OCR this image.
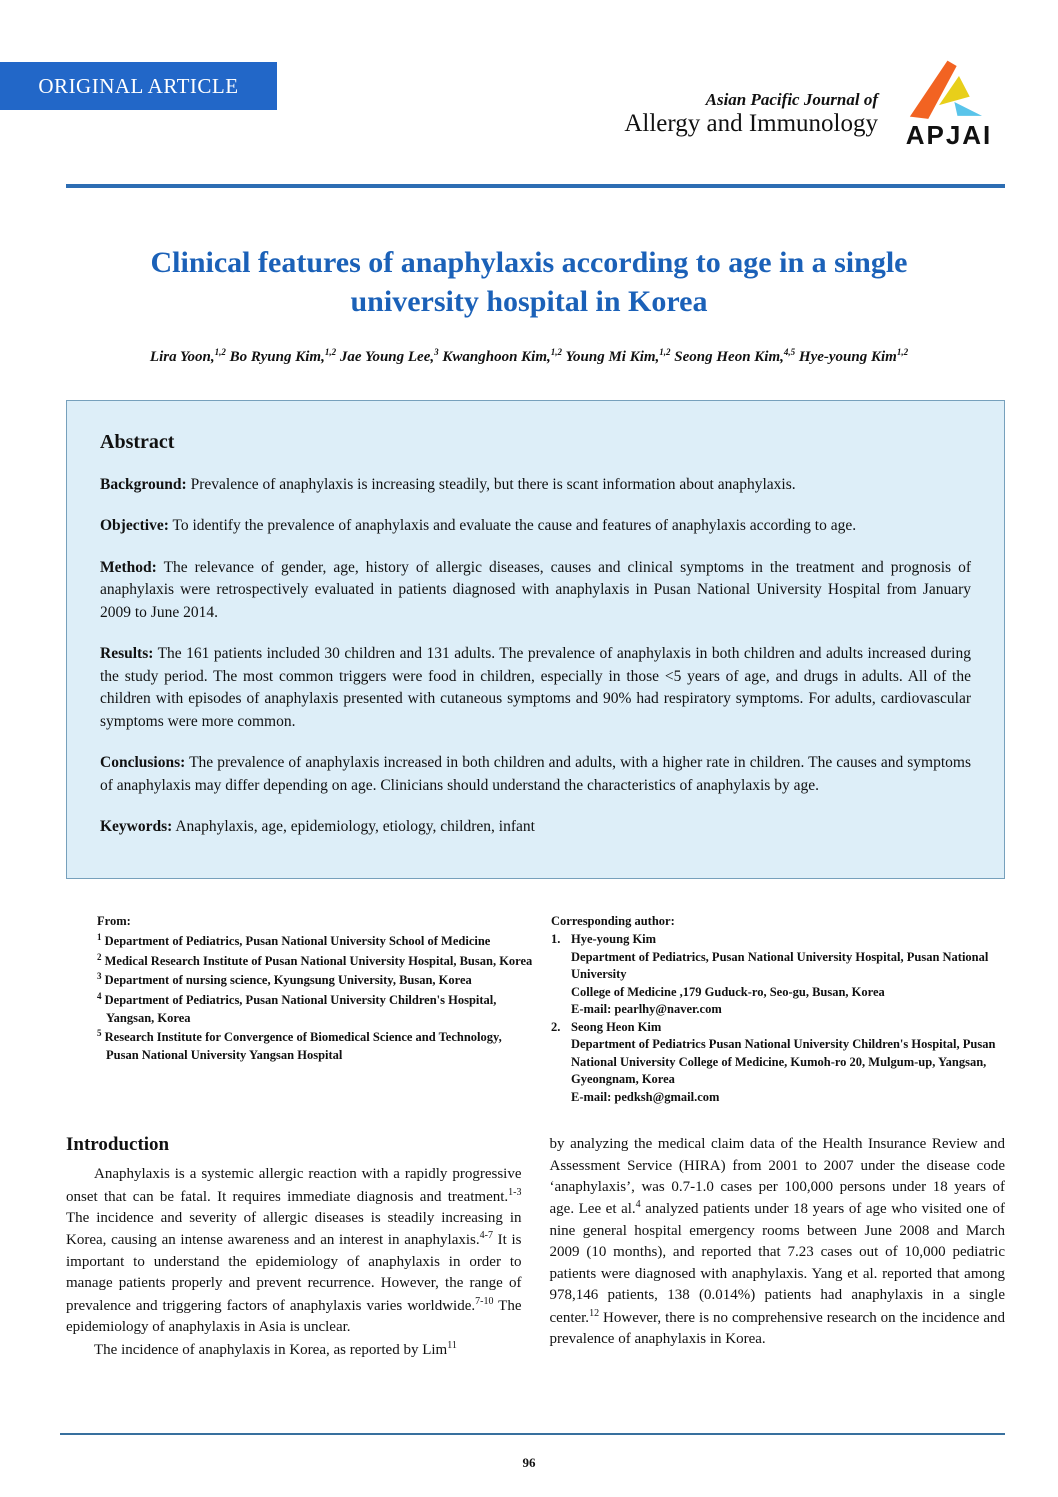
ORIGINAL ARTICLE
Asian Pacific Journal of
Allergy and Immunology	APJAI
Clinical features of anaphylaxis according to age in a single
university hospital in Korea
Lira Yoon,$^{1,2}$ Bo Ryung Kim,$^{1,2}$ Jae Young Lee,$^3$ Kwanghoon Kim,$^{1,2}$ Young Mi Kim,$^{1,2}$ Seong Heon Kim,$^{4,5}$ Hye-young Kim$^{1,2}$
Abstract

Background: Prevalence of anaphylaxis is increasing steadily, but there is scant information about anaphylaxis.

Objective: To identify the prevalence of anaphylaxis and evaluate the cause and features of anaphylaxis according to age.

Method: The relevance of gender, age, history of allergic diseases, causes and clinical symptoms in the treatment and prognosis of anaphylaxis were retrospectively evaluated in patients diagnosed with anaphylaxis in Pusan National University Hospital from January 2009 to June 2014.

Results: The 161 patients included 30 children and 131 adults. The prevalence of anaphylaxis in both children and adults increased during the study period. The most common triggers were food in children, especially in those <5 years of age, and drugs in adults. All of the children with episodes of anaphylaxis presented with cutaneous symptoms and 90% had respiratory symptoms. For adults, cardiovascular symptoms were more common.

Conclusions: The prevalence of anaphylaxis increased in both children and adults, with a higher rate in children. The causes and symptoms of anaphylaxis may differ depending on age. Clinicians should understand the characteristics of anaphylaxis by age.

Keywords: Anaphylaxis, age, epidemiology, etiology, children, infant

From:
$^1$ Department of Pediatrics, Pusan National University School of Medicine
$^2$ Medical Research Institute of Pusan National University Hospital, Busan, Korea
$^3$ Department of nursing science, Kyungsung University, Busan, Korea
$^4$ Department of Pediatrics, Pusan National University Children's Hospital, Yangsan, Korea
$^5$ Research Institute for Convergence of Biomedical Science and Technology, Pusan National University Yangsan Hospital
Corresponding author:
1. Hye-young Kim
Department of Pediatrics, Pusan National University Hospital, Pusan National University
College of Medicine ,179 Guduck-ro, Seo-gu, Busan, Korea
E-mail: pearlhy@naver.com
2. Seong Heon Kim
Department of Pediatrics Pusan National University Children's Hospital, Pusan National University College of Medicine, Kumoh-ro 20, Mulgum-up, Yangsan, Gyeongnam, Korea
E-mail: pedksh@gmail.com
Introduction

Anaphylaxis is a systemic allergic reaction with a rapidly progressive onset that can be fatal. It requires immediate diagnosis and treatment.$^{1-3}$ The incidence and severity of allergic diseases is steadily increasing in Korea, causing an intense awareness and an interest in anaphylaxis.$^{4-7}$ It is important to understand the epidemiology of anaphylaxis in order to manage patients properly and prevent recurrence. However, the range of prevalence and triggering factors of anaphylaxis varies worldwide.$^{7-10}$ The epidemiology of anaphylaxis in Asia is unclear.

The incidence of anaphylaxis in Korea, as reported by Lim$^{11}$

by analyzing the medical claim data of the Health Insurance Review and Assessment Service (HIRA) from 2001 to 2007 under the disease code ‘anaphylaxis’, was 0.7-1.0 cases per 100,000 persons under 18 years of age. Lee et al.$^4$ analyzed patients under 18 years of age who visited one of nine general hospital emergency rooms between June 2008 and March 2009 (10 months), and reported that 7.23 cases out of 10,000 pediatric patients were diagnosed with anaphylaxis. Yang et al. reported that among 978,146 patients, 138 (0.014%) patients had anaphylaxis in a single center.$^{12}$ However, there is no comprehensive research on the incidence and prevalence of anaphylaxis in Korea.

96
